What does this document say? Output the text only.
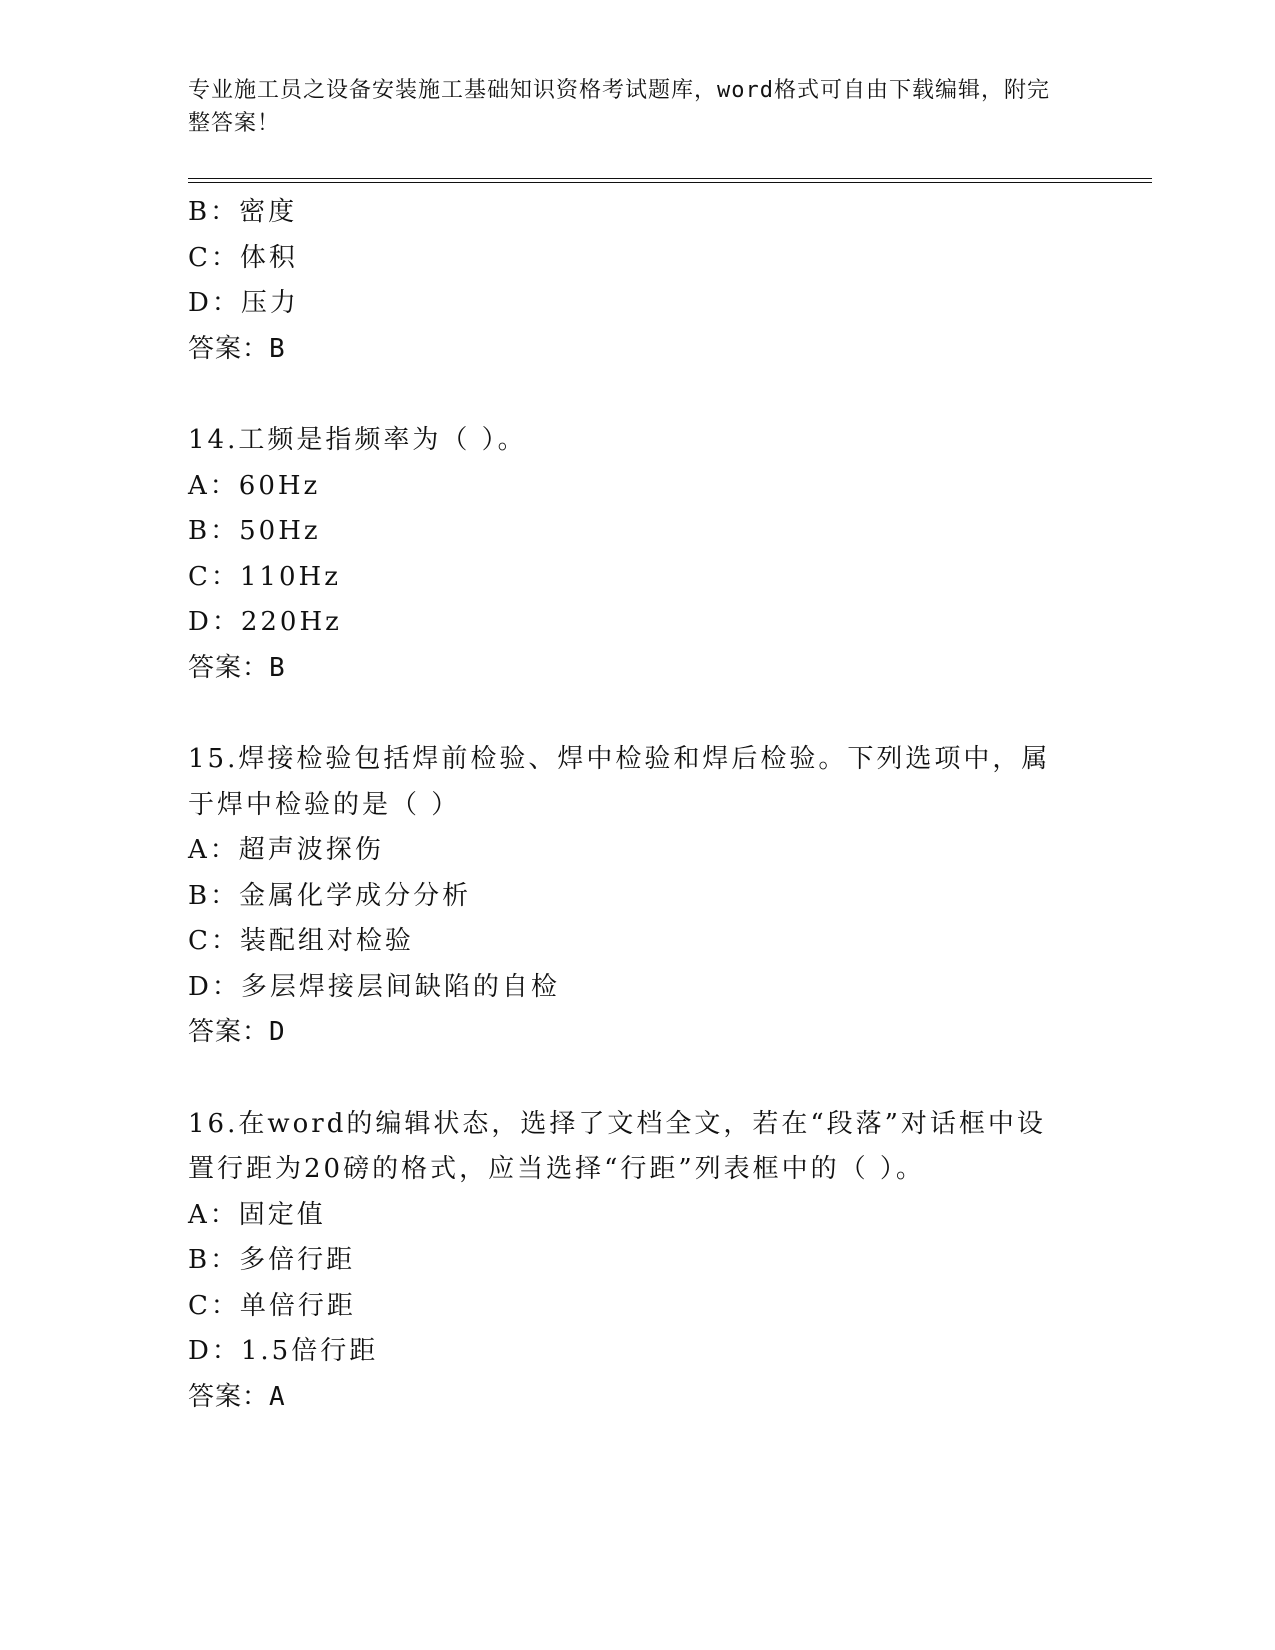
专业施工员之设备安装施工基础知识资格考试题库，word格式可自由下载编辑，附完整答案！
B：密度
C：体积
D：压力
答案：B
14.工频是指频率为（ ）。
A：60Hz
B：50Hz
C：110Hz
D：220Hz
答案：B
15.焊接检验包括焊前检验、焊中检验和焊后检验。下列选项中，属于焊中检验的是（ ）
A：超声波探伤
B：金属化学成分分析
C：装配组对检验
D：多层焊接层间缺陷的自检
答案：D
16.在word的编辑状态，选择了文档全文，若在“段落”对话框中设置行距为20磅的格式，应当选择“行距”列表框中的（ ）。
A：固定值
B：多倍行距
C：单倍行距
D：1.5倍行距
答案：A
